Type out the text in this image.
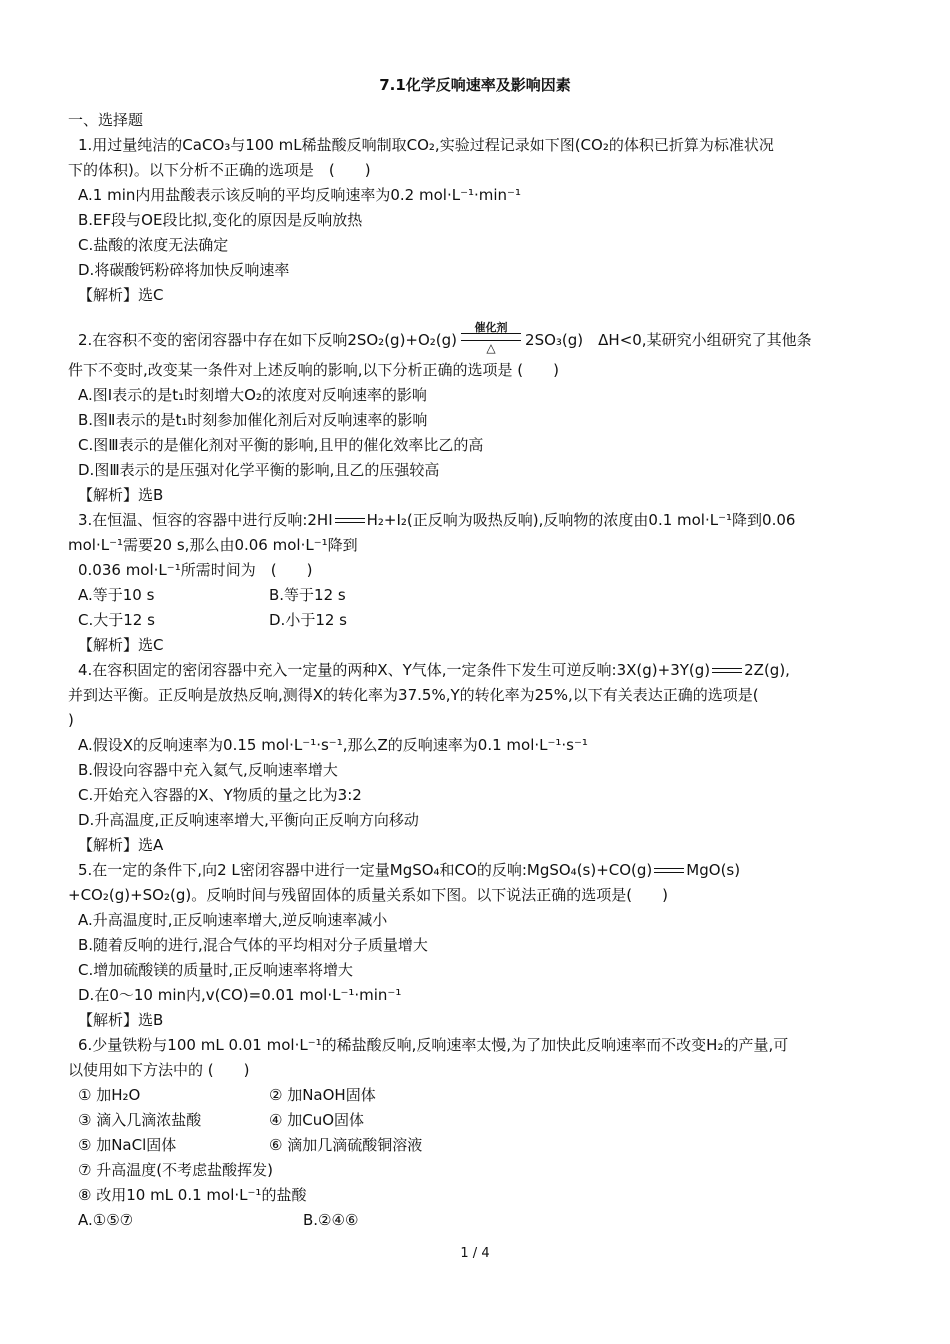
7.1化学反响速率及影响因素
一、选择题
1.用过量纯洁的CaCO₃与100 mL稀盐酸反响制取CO₂,实验过程记录如下图(CO₂的体积已折算为标准状况
下的体积)。以下分析不正确的选项是　(　　)
A.1 min内用盐酸表示该反响的平均反响速率为0.2 mol·L⁻¹·min⁻¹
B.EF段与OE段比拟,变化的原因是反响放热
C.盐酸的浓度无法确定
D.将碳酸钙粉碎将加快反响速率
【解析】选C
2.在容积不变的密闭容器中存在如下反响2SO₂(g)+O₂(g)
催化剂
△	2SO₃(g)　ΔH<0,某研究小组研究了其他条
件下不变时,改变某一条件对上述反响的影响,以下分析正确的选项是 (　　)
A.图Ⅰ表示的是t₁时刻增大O₂的浓度对反响速率的影响
B.图Ⅱ表示的是t₁时刻参加催化剂后对反响速率的影响
C.图Ⅲ表示的是催化剂对平衡的影响,且甲的催化效率比乙的高
D.图Ⅲ表示的是压强对化学平衡的影响,且乙的压强较高
【解析】选B
3.在恒温、恒容的容器中进行反响:2HI H₂+I₂(正反响为吸热反响),反响物的浓度由0.1 mol·L⁻¹降到0.06
mol·L⁻¹需要20 s,那么由0.06 mol·L⁻¹降到
0.036 mol·L⁻¹所需时间为　(　　)
A.等于10 s	B.等于12 s
C.大于12 s	D.小于12 s
【解析】选C
4.在容积固定的密闭容器中充入一定量的两种X、Y气体,一定条件下发生可逆反响:3X(g)+3Y(g) 2Z(g),
并到达平衡。正反响是放热反响,测得X的转化率为37.5%,Y的转化率为25%,以下有关表达正确的选项是(
)
A.假设X的反响速率为0.15 mol·L⁻¹·s⁻¹,那么Z的反响速率为0.1 mol·L⁻¹·s⁻¹
B.假设向容器中充入氦气,反响速率增大
C.开始充入容器的X、Y物质的量之比为3:2
D.升高温度,正反响速率增大,平衡向正反响方向移动
【解析】选A
5.在一定的条件下,向2 L密闭容器中进行一定量MgSO₄和CO的反响:MgSO₄(s)+CO(g) MgO(s)
+CO₂(g)+SO₂(g)。反响时间与残留固体的质量关系如下图。以下说法正确的选项是(　　)
A.升高温度时,正反响速率增大,逆反响速率减小
B.随着反响的进行,混合气体的平均相对分子质量增大
C.增加硫酸镁的质量时,正反响速率将增大
D.在0～10 min内,v(CO)=0.01 mol·L⁻¹·min⁻¹
【解析】选B
6.少量铁粉与100 mL 0.01 mol·L⁻¹的稀盐酸反响,反响速率太慢,为了加快此反响速率而不改变H₂的产量,可
以使用如下方法中的 (　　)
① 加H₂O	② 加NaOH固体
③ 滴入几滴浓盐酸	④ 加CuO固体
⑤ 加NaCl固体	⑥ 滴加几滴硫酸铜溶液
⑦ 升高温度(不考虑盐酸挥发)
⑧ 改用10 mL 0.1 mol·L⁻¹的盐酸
A.①⑤⑦	B.②④⑥
1 / 4
